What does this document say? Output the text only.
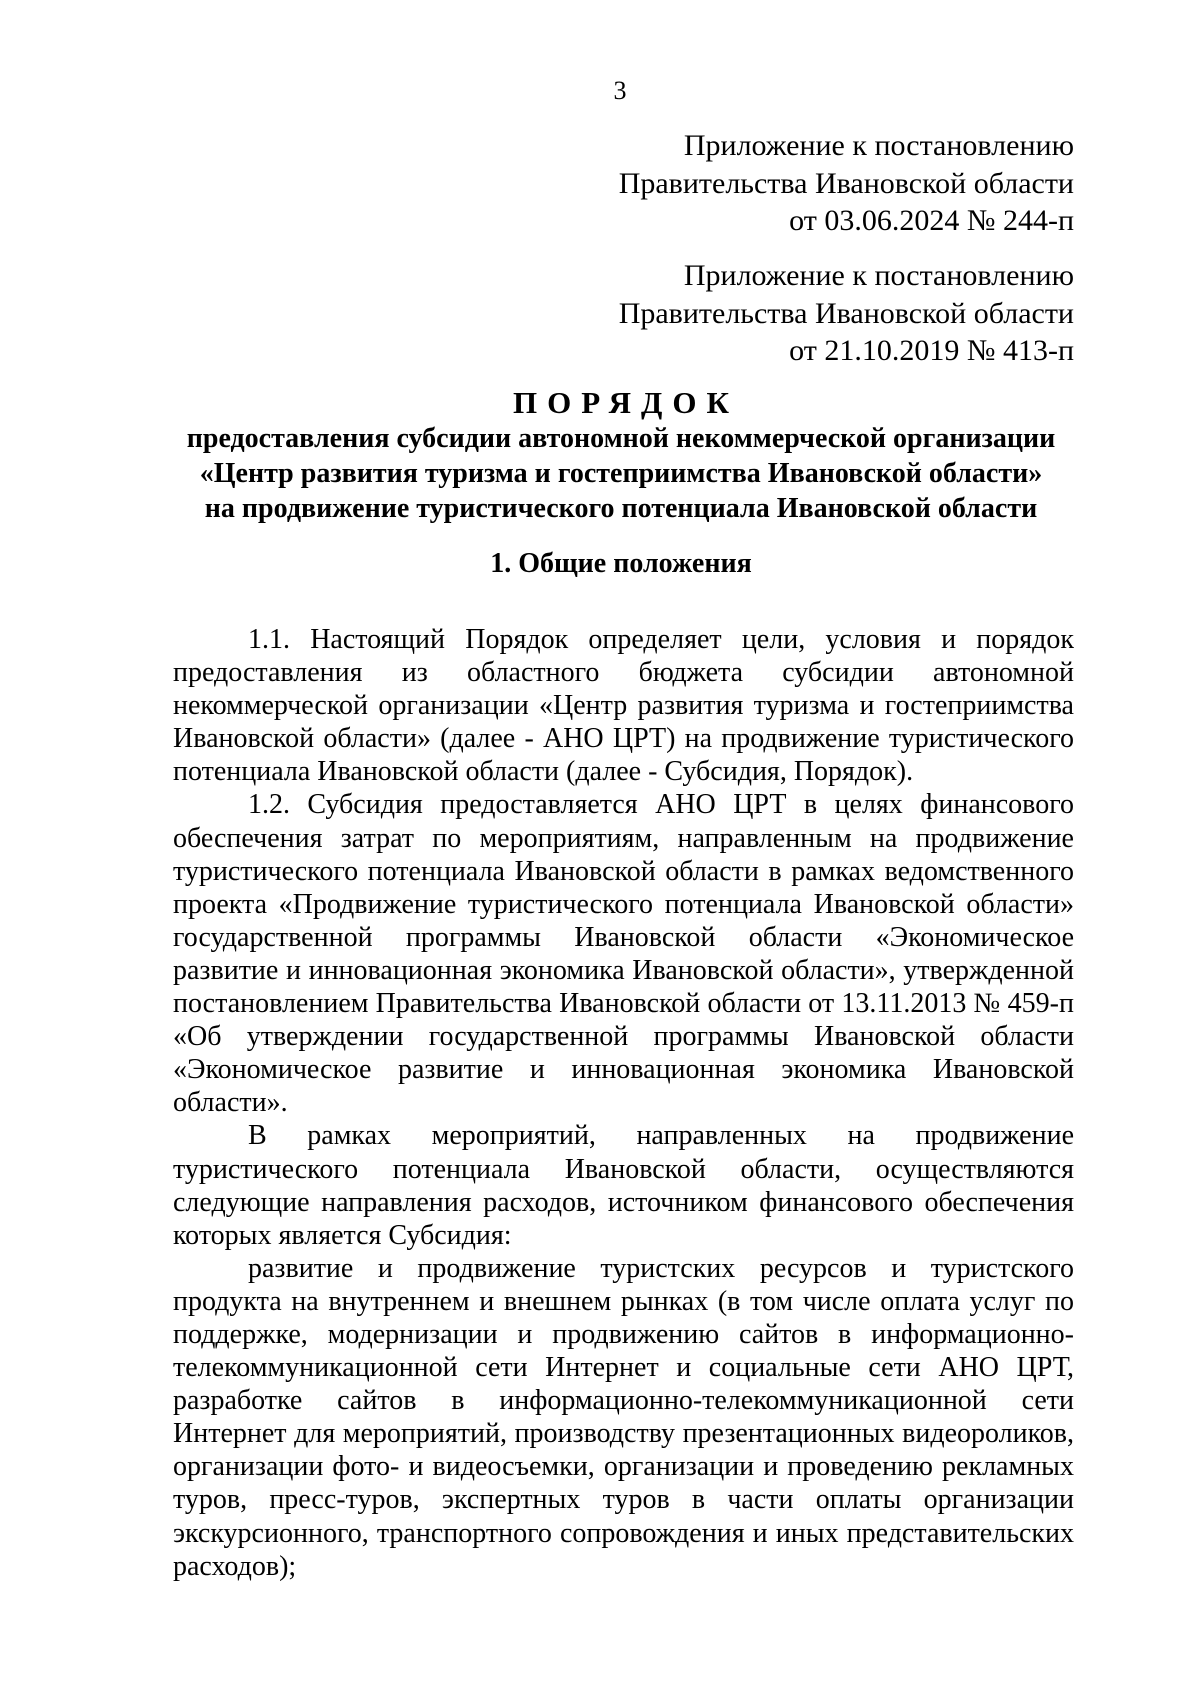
3
Приложение к постановлению
Правительства Ивановской области
от 03.06.2024 № 244-п
Приложение к постановлению
Правительства Ивановской области
от 21.10.2019 № 413-п
ПОРЯДОК
предоставления субсидии автономной некоммерческой организации
«Центр развития туризма и гостеприимства Ивановской области»
на продвижение туристического потенциала Ивановской области
1. Общие положения

1.1. Настоящий Порядок определяет цели, условия и порядок предоставления из областного бюджета субсидии автономной некоммерческой организации «Центр развития туризма и гостеприимства Ивановской области» (далее - АНО ЦРТ) на продвижение туристического потенциала Ивановской области (далее - Субсидия, Порядок).

1.2. Субсидия предоставляется АНО ЦРТ в целях финансового обеспечения затрат по мероприятиям, направленным на продвижение туристического потенциала Ивановской области в рамках ведомственного проекта «Продвижение туристического потенциала Ивановской области» государственной программы Ивановской области «Экономическое развитие и инновационная экономика Ивановской области», утвержденной постановлением Правительства Ивановской области от 13.11.2013 № 459-п «Об утверждении государственной программы Ивановской области «Экономическое развитие и инновационная экономика Ивановской области».

В рамках мероприятий, направленных на продвижение туристического потенциала Ивановской области, осуществляются следующие направления расходов, источником финансового обеспечения которых является Субсидия:

развитие и продвижение туристских ресурсов и туристского продукта на внутреннем и внешнем рынках (в том числе оплата услуг по поддержке, модернизации и продвижению сайтов в информационно-телекоммуникационной сети Интернет и социальные сети АНО ЦРТ, разработке сайтов в информационно-телекоммуникационной сети Интернет для мероприятий, производству презентационных видеороликов, организации фото- и видеосъемки, организации и проведению рекламных туров, пресс-туров, экспертных туров в части оплаты организации экскурсионного, транспортного сопровождения и иных представительских расходов);
